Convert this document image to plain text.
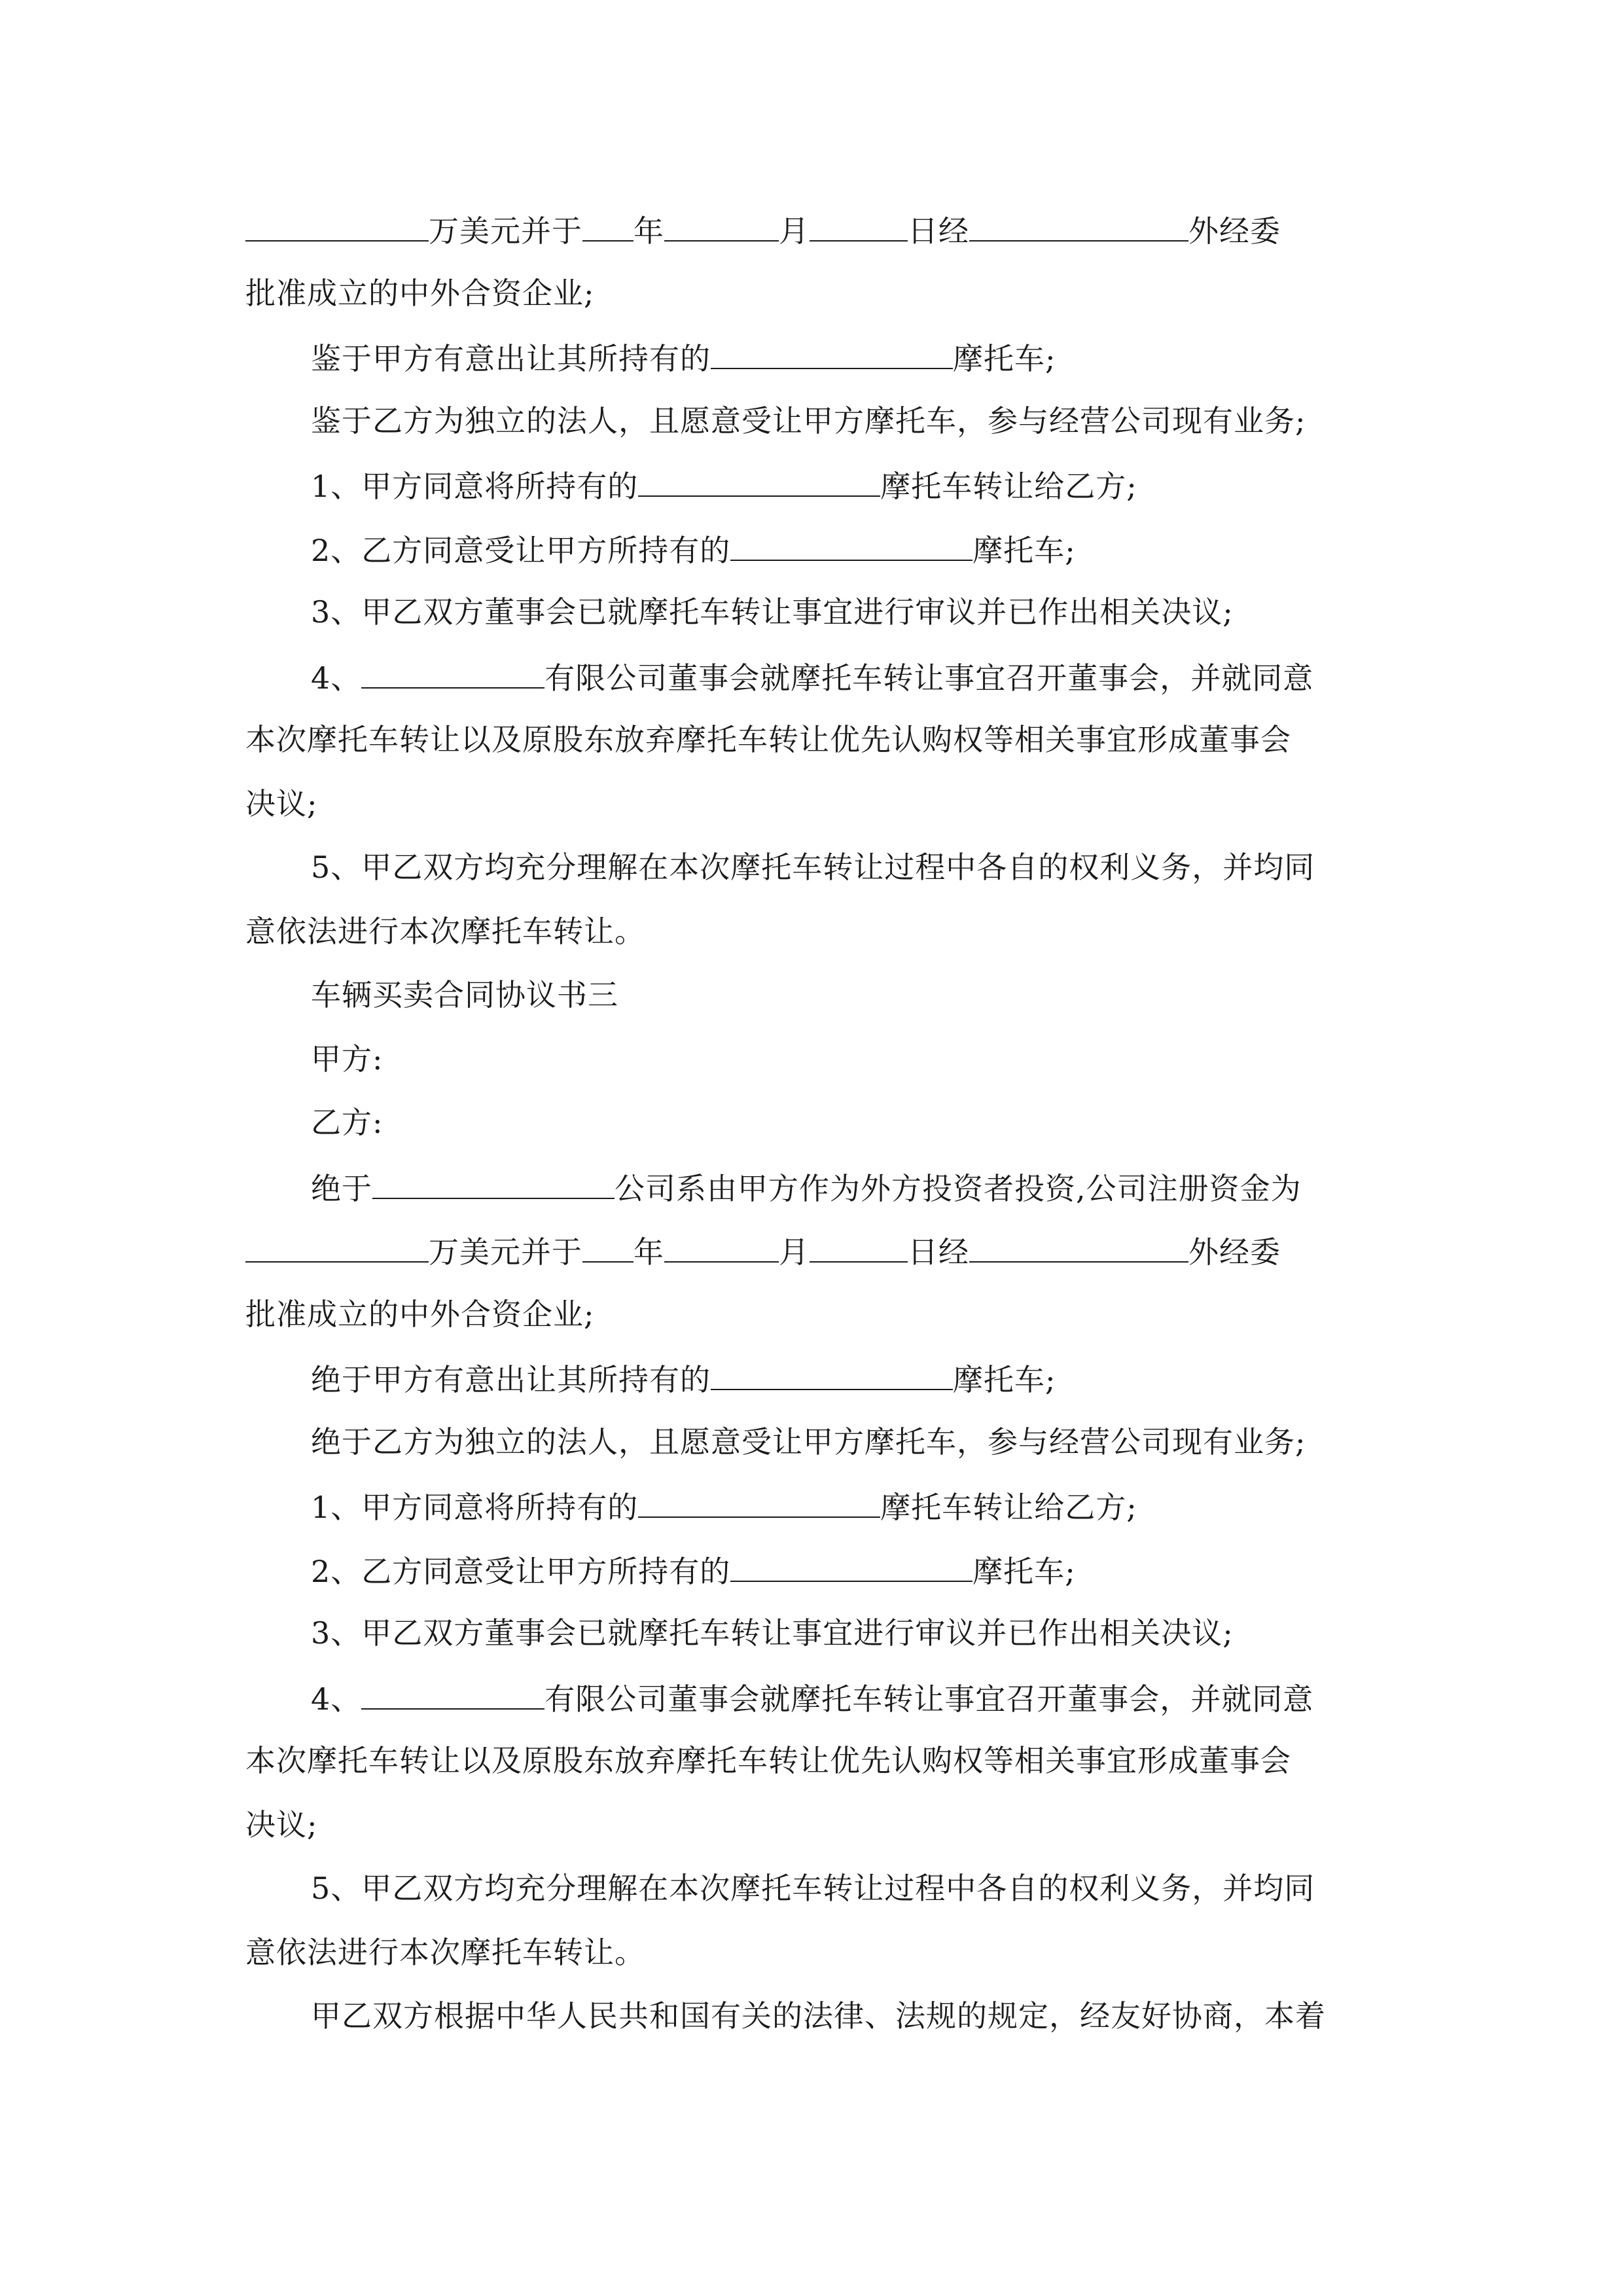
万美元并于 年	月	日经	外经委
批准成立的中外合资企业;
鉴于甲方有意出让其所持有的	摩托车;
鉴于乙方为独立的法人，且愿意受让甲方摩托车，参与经营公司现有业务;
1、甲方同意将所持有的	摩托车转让给乙方;
2、乙方同意受让甲方所持有的	摩托车;
3、甲乙双方董事会已就摩托车转让事宜进行审议并已作出相关决议;
4、	有限公司董事会就摩托车转让事宜召开董事会，并就同意
本次摩托车转让以及原股东放弃摩托车转让优先认购权等相关事宜形成董事会
决议;
5、甲乙双方均充分理解在本次摩托车转让过程中各自的权利义务，并均同
意依法进行本次摩托车转让。
车辆买卖合同协议书三
甲方:
乙方:
绝于	公司系由甲方作为外方投资者投资,公司注册资金为
万美元并于 年	月	日经	外经委
批准成立的中外合资企业;
绝于甲方有意出让其所持有的	摩托车;
绝于乙方为独立的法人，且愿意受让甲方摩托车，参与经营公司现有业务;
1、甲方同意将所持有的	摩托车转让给乙方;
2、乙方同意受让甲方所持有的	摩托车;
3、甲乙双方董事会已就摩托车转让事宜进行审议并已作出相关决议;
4、	有限公司董事会就摩托车转让事宜召开董事会，并就同意
本次摩托车转让以及原股东放弃摩托车转让优先认购权等相关事宜形成董事会
决议;
5、甲乙双方均充分理解在本次摩托车转让过程中各自的权利义务，并均同
意依法进行本次摩托车转让。
甲乙双方根据中华人民共和国有关的法律、法规的规定，经友好协商，本着
